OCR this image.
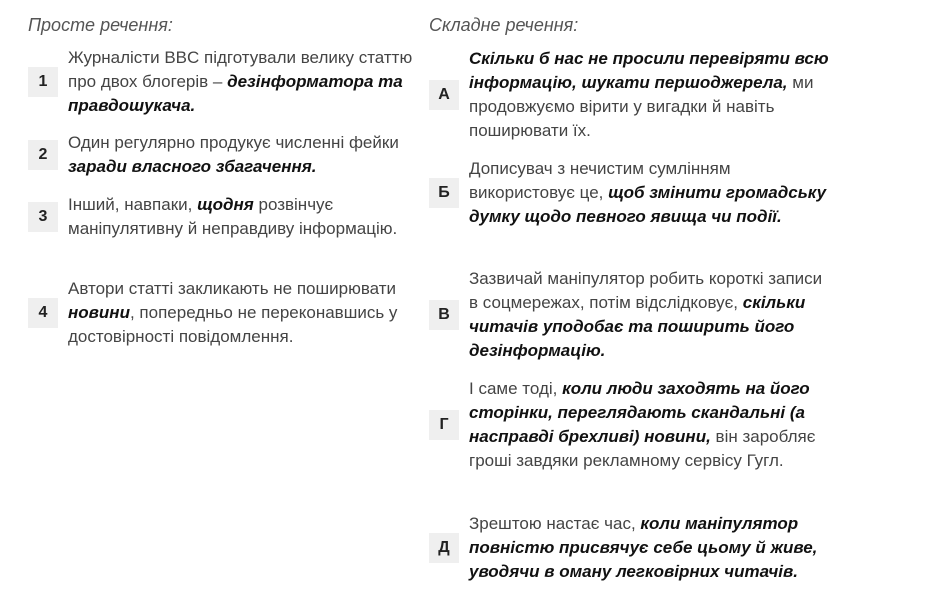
Просте речення:
1
Журналісти BBC підготували велику статтю про двох блогерів – дезінформатора та правдошукача.
2
Один регулярно продукує численні фейки заради власного збагачення.
3
Інший, навпаки, щодня розвінчує маніпулятивну й неправдиву інформацію.
4
Автори статті закликають не поширювати новини, попередньо не переконавшись у достовірності повідомлення.
Складне речення:
А
Скільки б нас не просили перевіряти всю інформацію, шукати першоджерела, ми продовжуємо вірити у вигадки й навіть поширювати їх.
Б
Дописувач з нечистим сумлінням використовує це, щоб змінити громадську думку щодо певного явища чи події.
В
Зазвичай маніпулятор робить короткі записи в соцмережах, потім відслідковує, скільки читачів уподобає та поширить його дезінформацію.
Г
І саме тоді, коли люди заходять на його сторінки, переглядають скандальні (а насправді брехливі) новини, він заробляє гроші завдяки рекламному сервісу Гугл.
Д
Зрештою настає час, коли маніпулятор повністю присвячує себе цьому й живе, уводячи в оману легковірних читачів.
